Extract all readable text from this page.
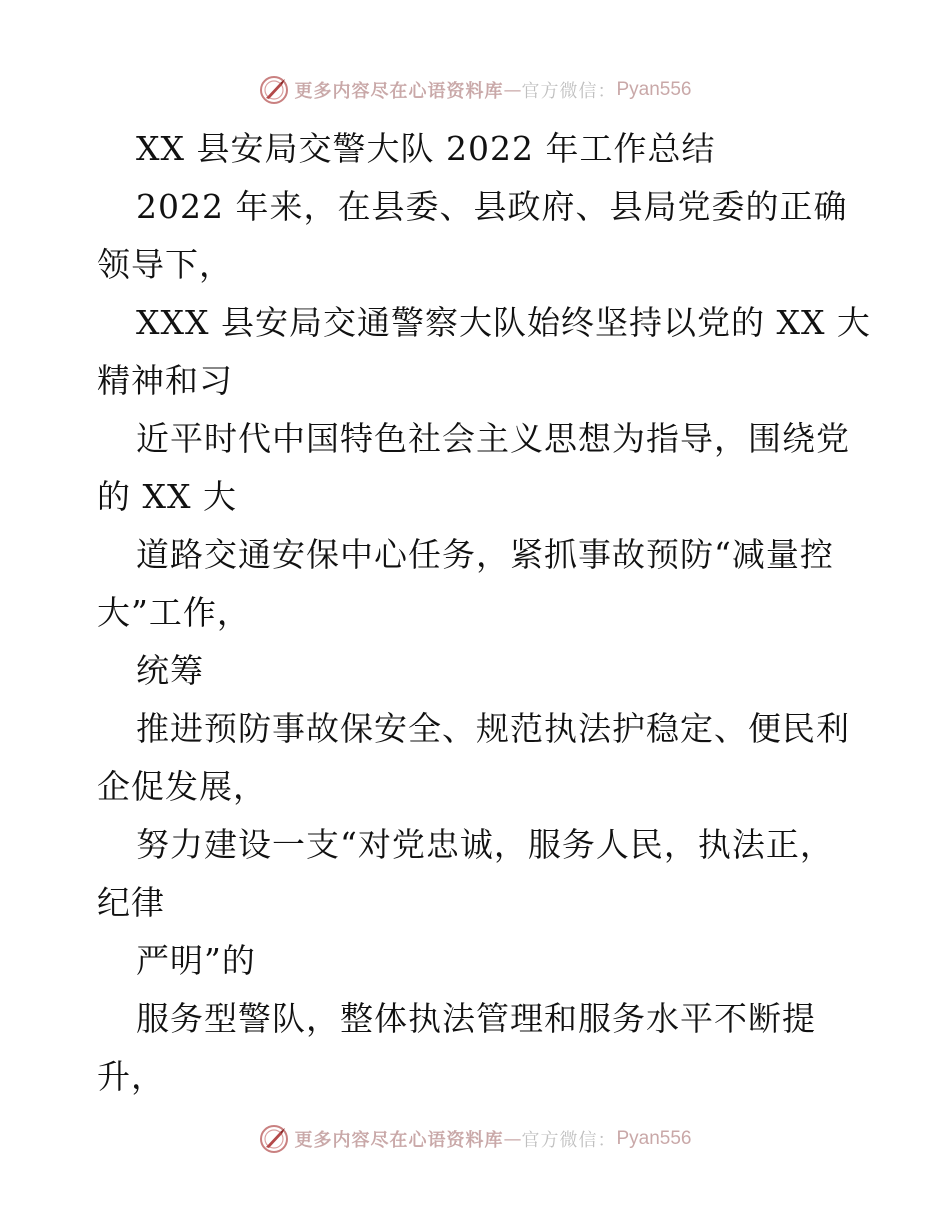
更多内容尽在心语资料库 — 官方微信： Pyan556
XX 县安局交警大队 2022 年工作总结
2022 年来，在县委、县政府、县局党委的正确
领导下，
XXX 县安局交通警察大队始终坚持以党的 XX 大
精神和习
近平时代中国特色社会主义思想为指导，围绕党
的 XX 大
道路交通安保中心任务，紧抓事故预防“减量控
大”工作，
统筹
推进预防事故保安全、规范执法护稳定、便民利
企促发展，
努力建设一支“对党忠诚，服务人民，执法正，
纪律
严明”的
服务型警队，整体执法管理和服务水平不断提
升，
更多内容尽在心语资料库 — 官方微信： Pyan556
